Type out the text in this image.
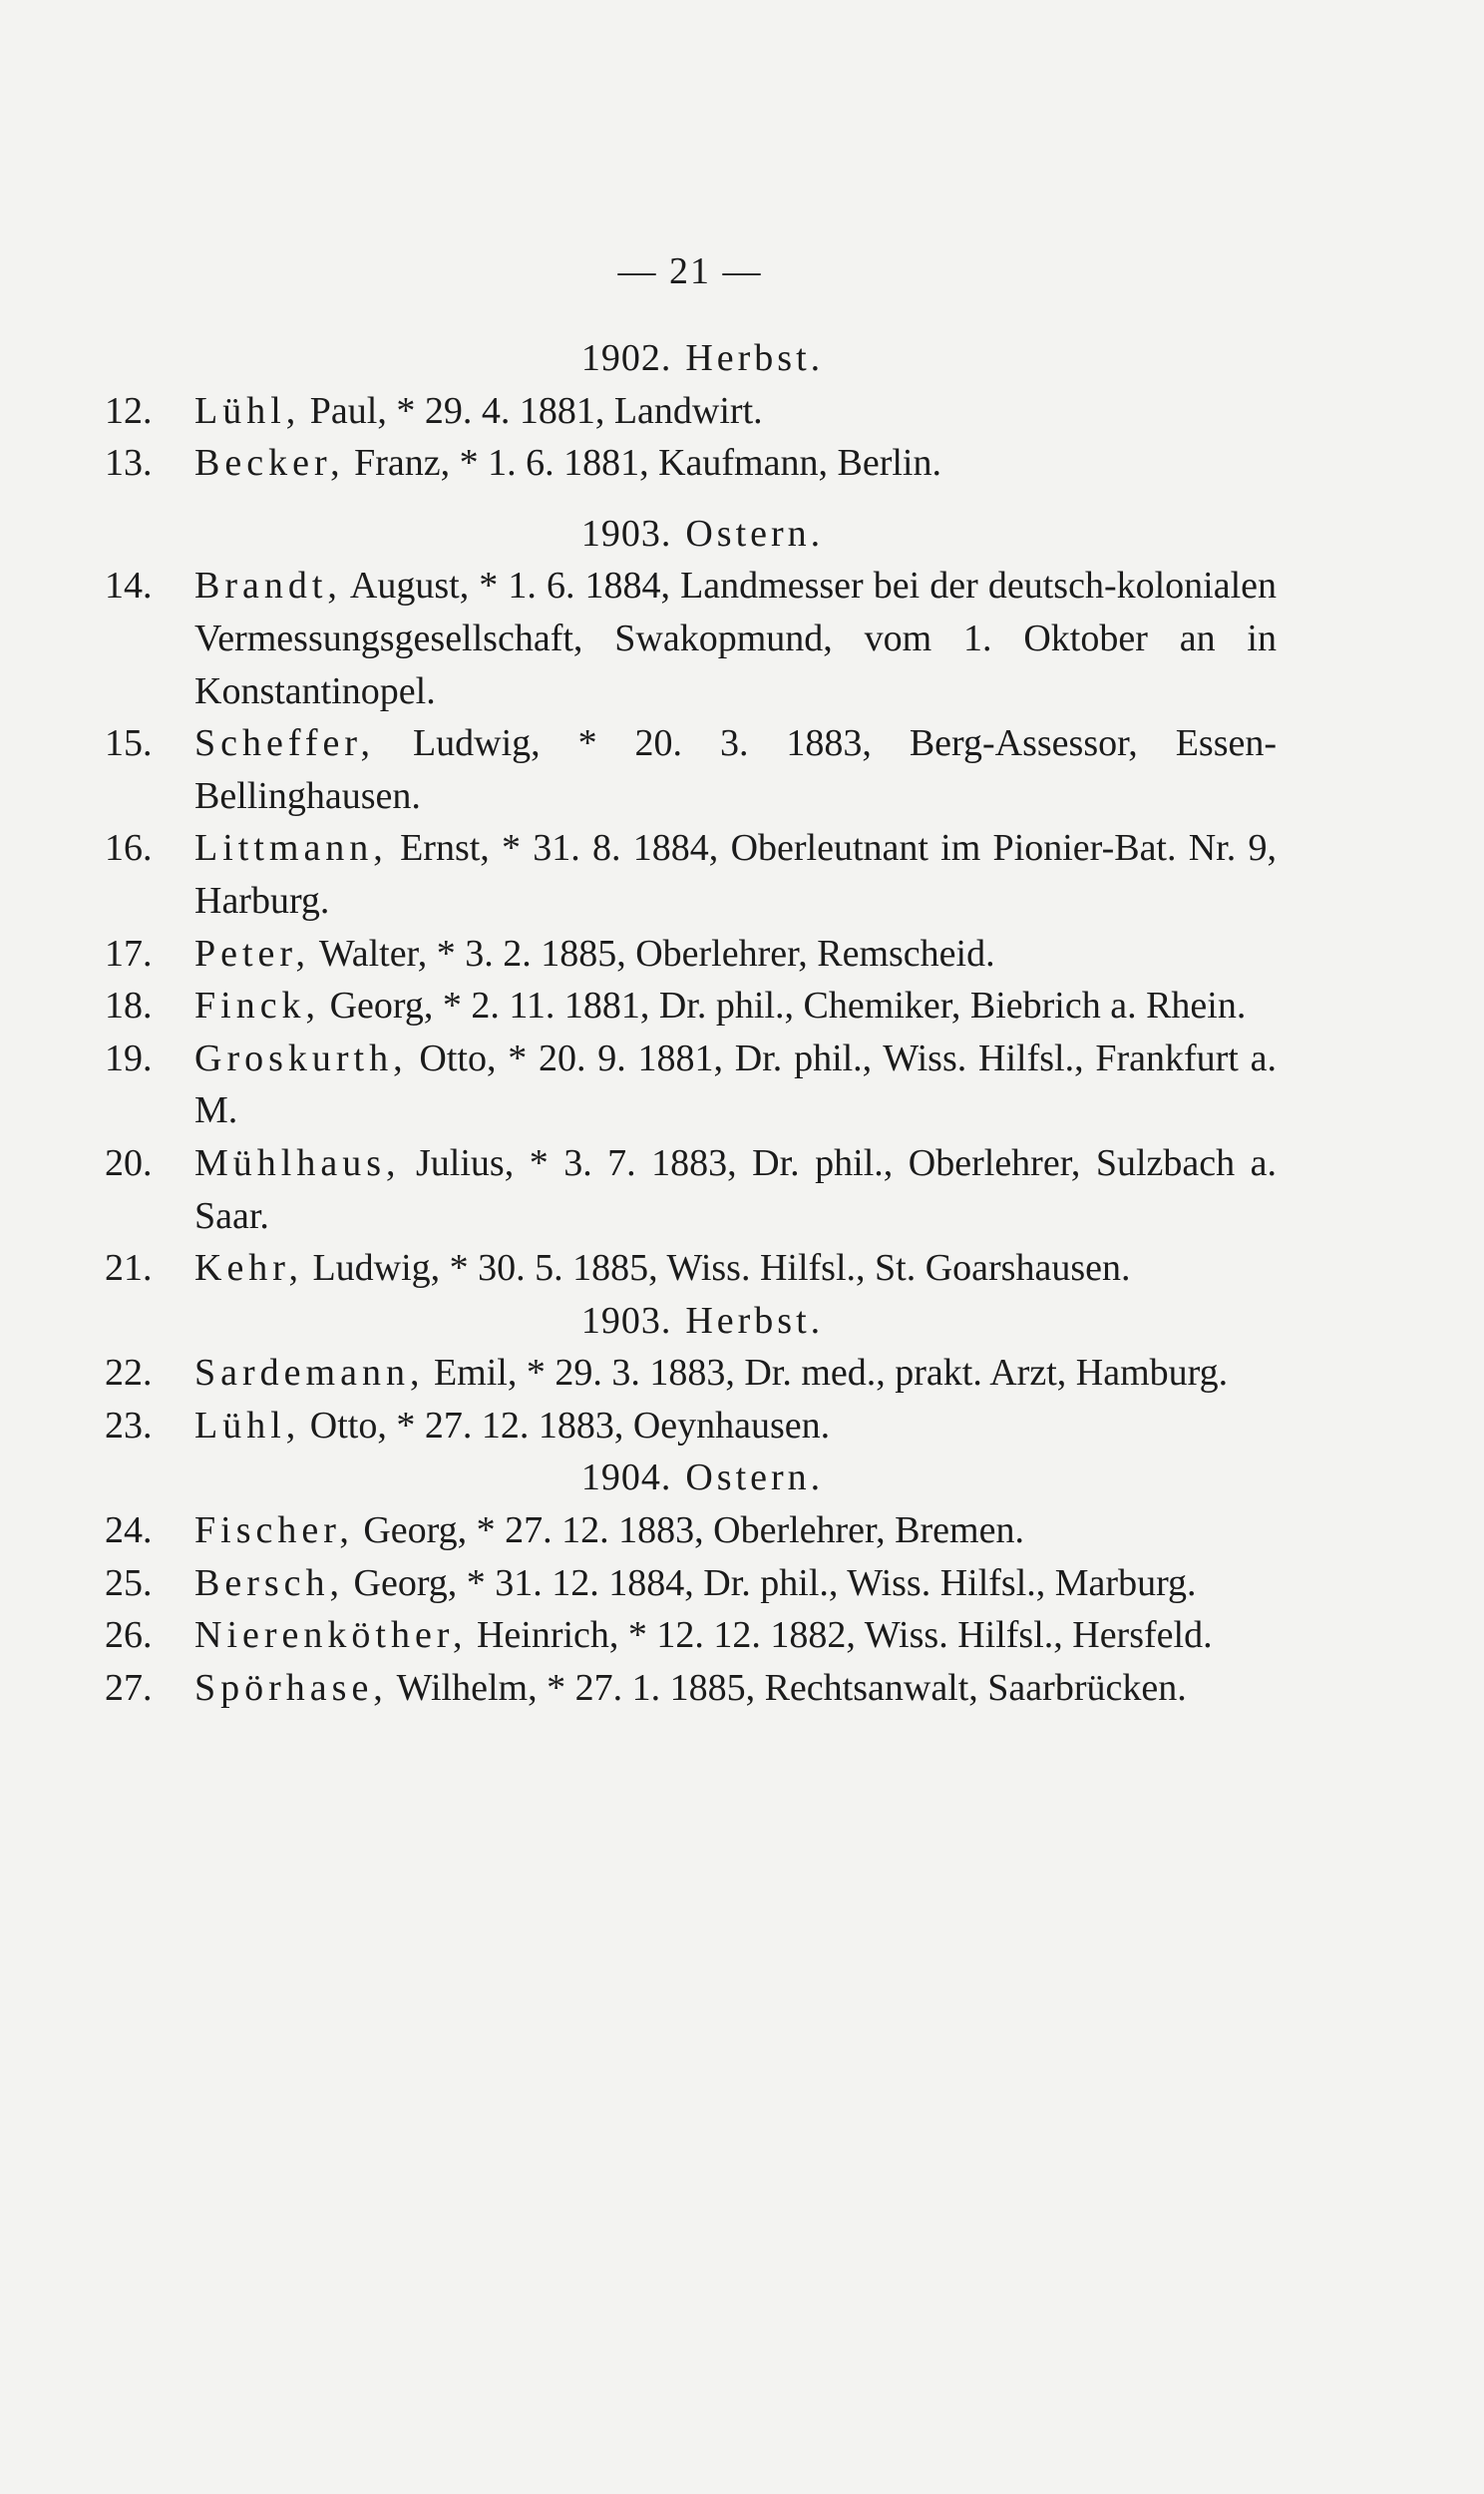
— 21 —
1902. Herbst.
12. Lühl, Paul, * 29. 4. 1881, Landwirt.
13. Becker, Franz, * 1. 6. 1881, Kaufmann, Berlin.
1903. Ostern.
14. Brandt, August, * 1. 6. 1884, Landmesser bei der deutsch-kolonialen Vermessungsgesellschaft, Swakopmund, vom 1. Oktober an in Konstantinopel.
15. Scheffer, Ludwig, * 20. 3. 1883, Berg-Assessor, Essen-Bellinghausen.
16. Littmann, Ernst, * 31. 8. 1884, Oberleutnant im Pionier-Bat. Nr. 9, Harburg.
17. Peter, Walter, * 3. 2. 1885, Oberlehrer, Remscheid.
18. Finck, Georg, * 2. 11. 1881, Dr. phil., Chemiker, Biebrich a. Rhein.
19. Groskurth, Otto, * 20. 9. 1881, Dr. phil., Wiss. Hilfsl., Frankfurt a. M.
20. Mühlhaus, Julius, * 3. 7. 1883, Dr. phil., Oberlehrer, Sulzbach a. Saar.
21. Kehr, Ludwig, * 30. 5. 1885, Wiss. Hilfsl., St. Goarshausen.
1903. Herbst.
22. Sardemann, Emil, * 29. 3. 1883, Dr. med., prakt. Arzt, Hamburg.
23. Lühl, Otto, * 27. 12. 1883, Oeynhausen.
1904. Ostern.
24. Fischer, Georg, * 27. 12. 1883, Oberlehrer, Bremen.
25. Bersch, Georg, * 31. 12. 1884, Dr. phil., Wiss. Hilfsl., Marburg.
26. Nierenköther, Heinrich, * 12. 12. 1882, Wiss. Hilfsl., Hersfeld.
27. Spörhase, Wilhelm, * 27. 1. 1885, Rechtsanwalt, Saarbrücken.
